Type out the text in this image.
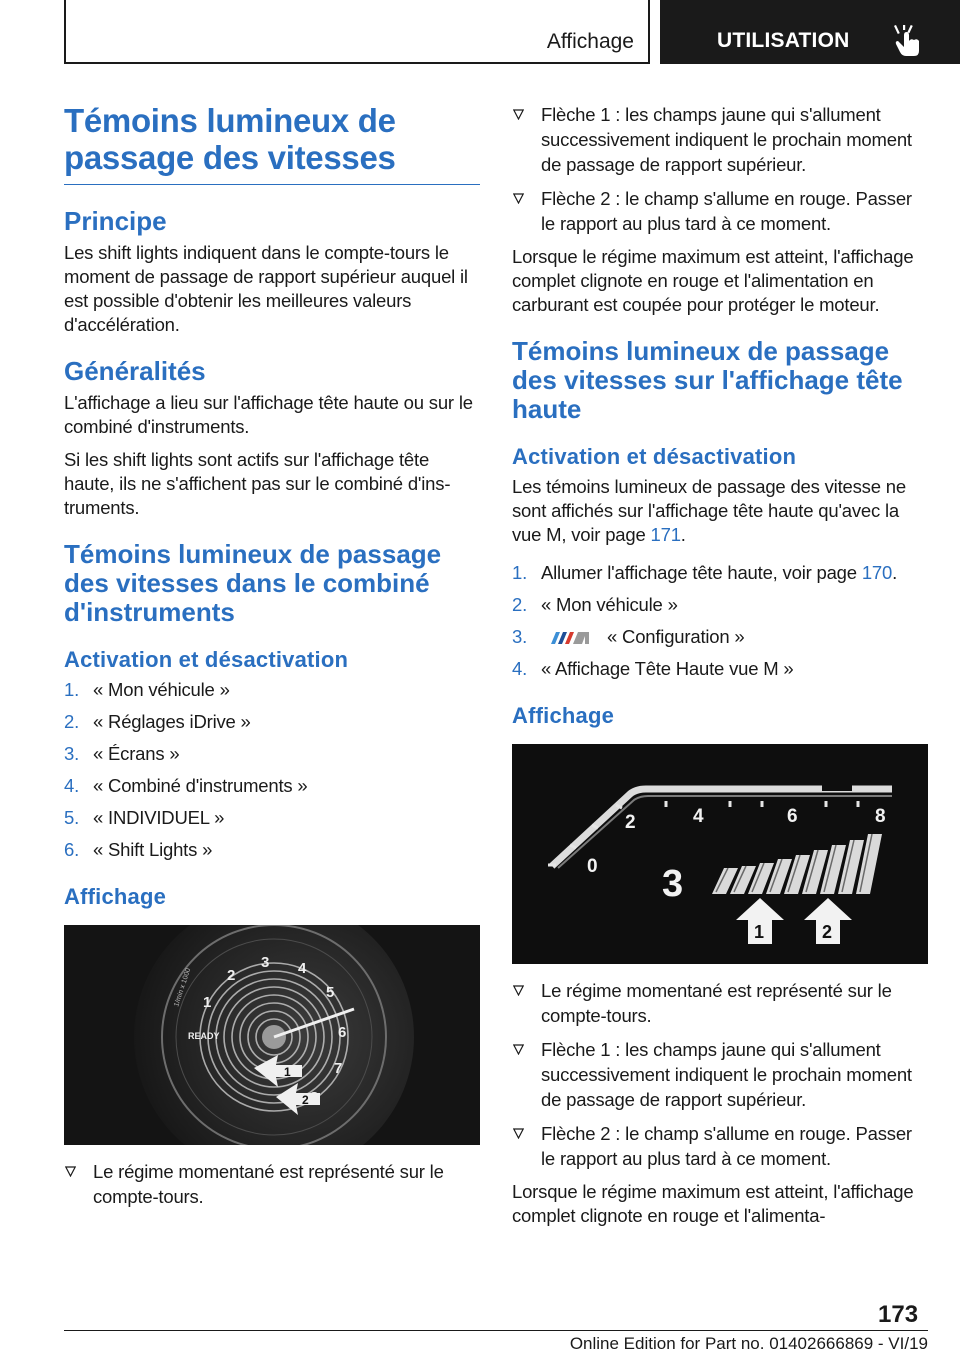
Affichage	UTILISATION
Témoins lumineux de passage des vitesses
Principe

Les shift lights indiquent dans le compte-tours le moment de passage de rapport supérieur auquel il est possible d'obtenir les meilleures valeurs d'accélération.

Généralités

L'affichage a lieu sur l'affichage tête haute ou sur le combiné d'instruments.

Si les shift lights sont actifs sur l'affichage tête haute, ils ne s'affichent pas sur le combiné d'instruments.

Témoins lumineux de passage des vitesses dans le combiné d'instruments
Activation et désactivation
1. « Mon véhicule »
2. « Réglages iDrive »
3. « Écrans »
4. « Combiné d'instruments »
5. « INDIVIDUEL »
6. « Shift Lights »
Affichage
1
2
3 4
5
6
7
READY
1/min x 1000
1
2
Le régime momentané est représenté sur le compte-tours.
Flèche 1 : les champs jaune qui s'allument successivement indiquent le prochain moment de passage de rapport supérieur.
Flèche 2 : le champ s'allume en rouge. Passer le rapport au plus tard à ce moment.

Lorsque le régime maximum est atteint, l'affichage complet clignote en rouge et l'alimentation en carburant est coupée pour protéger le moteur.

Témoins lumineux de passage des vitesses sur l'affichage tête haute
Activation et désactivation

Les témoins lumineux de passage des vitesse ne sont affichés sur l'affichage tête haute qu'avec la vue M, voir page 171.

1. Allumer l'affichage tête haute, voir page 170.
2. « Mon véhicule »
3.	« Configuration »
4. « Affichage Tête Haute vue M »
Affichage
0
2	4	6	8
3
1	2
Le régime momentané est représenté sur le compte-tours.
Flèche 1 : les champs jaune qui s'allument successivement indiquent le prochain moment de passage de rapport supérieur.
Flèche 2 : le champ s'allume en rouge. Passer le rapport au plus tard à ce moment.

Lorsque le régime maximum est atteint, l'affichage complet clignote en rouge et l'alimenta-

173
Online Edition for Part no. 01402666869 - VI/19
